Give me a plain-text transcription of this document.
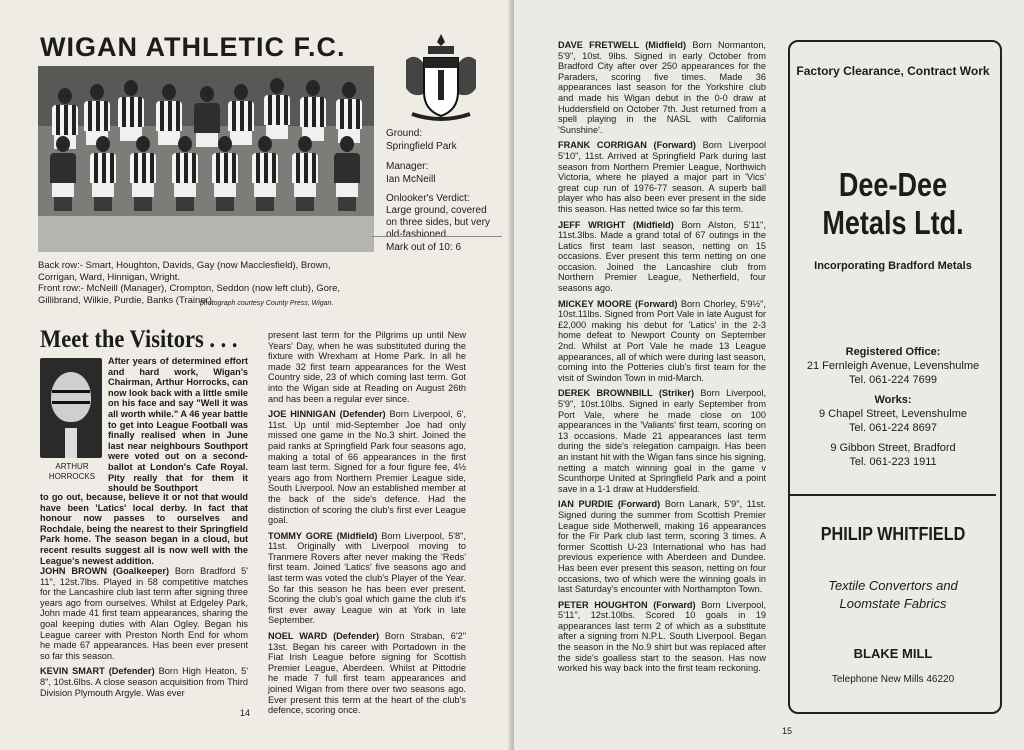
WIGAN ATHLETIC F.C.
Ground:
Springfield Park
Manager:
Ian McNeill
Onlooker's Verdict:
Large ground, covered on three sides, but very old-fashioned.
Mark out of 10: 6
Back row:- Smart, Houghton, Davids, Gay (now Macclesfield), Brown, Corrigan, Ward, Hinnigan, Wright.
Front row:- McNeill (Manager), Crompton, Seddon (now left club), Gore, Gillibrand, Wilkie, Purdie, Banks (Trainer)
photograph courtesy County Press, Wigan.
Meet the Visitors . . .
ARTHUR HORROCKS
After years of determined effort and hard work, Wigan's Chairman, Arthur Horrocks, can now look back with a little smile on his face and say "Well it was all worth while." A 46 year battle to get into League Football was finally realised when in June last near neighbours Southport were voted out on a second-ballot at London's Cafe Royal. Pity really that for them it should be Southport
to go out, because, believe it or not that would have been 'Latics' local derby. In fact that honour now passes to ourselves and Rochdale, being the nearest to their Springfield Park home. The season began in a cloud, but recent results suggest all is now well with the League's newest addition.

JOHN BROWN (Goalkeeper) Born Bradford 5' 11", 12st.7lbs. Played in 58 competitive matches for the Lancashire club last term after signing three years ago from ourselves. Whilst at Edgeley Park, John made 41 first team appearances, sharing the goal keeping duties with Alan Ogley. Began his League career with Preston North End for whom he made 67 appearances. Has been ever present so far this season.

KEVIN SMART (Defender) Born High Heaton, 5' 8", 10st.6lbs. A close season acquisition from Third Division Plymouth Argyle. Was ever

present last term for the Pilgrims up until New Years' Day, when he was substituted during the fixture with Wrexham at Home Park. In all he made 32 first team appearances for the West Country side, 23 of which coming last term. Got into the Wigan side at Reading on August 26th and has been a regular ever since.

JOE HINNIGAN (Defender) Born Liverpool, 6', 11st. Up until mid-September Joe had only missed one game in the No.3 shirt. Joined the paid ranks at Springfield Park four seasons ago, making a total of 66 appearances in the first team last term. Signed for a four figure fee, 4½ years ago from Northern Premier League side, South Liverpool. Now an established member at the back of the side's defence. Had the distinction of scoring the club's first ever League goal.

TOMMY GORE (Midfield) Born Liverpool, 5'8", 11st. Originally with Liverpool moving to Tranmere Rovers after never making the 'Reds' first team. Joined 'Latics' five seasons ago and last term was voted the club's Player of the Year. So far this season he has been ever present. Scoring the club's goal which game the club it's first ever away League win at York in late September.

NOEL WARD (Defender) Born Straban, 6'2" 13st. Began his career with Portadown in the Fiat Irish League before signing for Scottish Premier League, Aberdeen. Whilst at Pittodrie he made 7 full first team appearances and joined Wigan from there over two seasons ago. Ever present this term at the heart of the club's defence, scoring once.

14

DAVE FRETWELL (Midfield) Born Normanton, 5'9", 10st. 9lbs. Signed in early October from Bradford City after over 250 appearances for the Paraders, scoring five times. Made 36 appearances last season for the Yorkshire club and made his Wigan debut in the 0-0 draw at Huddersfield on October 7th. Just returned from a spell playing in the NASL with California 'Sunshine'.

FRANK CORRIGAN (Forward) Born Liverpool 5'10", 11st. Arrived at Springfield Park during last season from Northern Premier League, Northwich Victoria, where he played a major part in 'Vics' great cup run of 1976-77 season. A superb ball player who has also been ever present in the side this season. Has netted twice so far this term.

JEFF WRIGHT (Midfield) Born Alston, 5'11", 11st.3lbs. Made a grand total of 67 outings in the Latics first team last season, netting on 15 occasions. Ever present this term netting on one occasion. Joined the Lancashire club from Northern Premier League, Netherfield, four seasons ago.

MICKEY MOORE (Forward) Born Chorley, 5'9½", 10st.11lbs. Signed from Port Vale in late August for £2,000 making his debut for 'Latics' in the 2-3 home defeat to Newport County on September 2nd. Whilst at Port Vale he made 13 League appearances, all of which were during last season, coming into the Potteries club's first team for the visit of Swindon Town in mid-March.

DEREK BROWNBILL (Striker) Born Liverpool, 5'9", 10st.10lbs. Signed in early September from Port Vale, where he made close on 100 appearances in the 'Valiants' first team, scoring on 13 occasions. Made 21 appearances last term during the side's relegation campaign. Has been an instant hit with the Wigan fans since his signing, netting a match winning goal in the game v Scunthorpe United at Springfield Park and a point save in a 1-1 draw at Huddersfield.

IAN PURDIE (Forward) Born Lanark, 5'9", 11st. Signed during the summer from Scottish Premier League side Motherwell, making 16 appearances for the Fir Park club last term, scoring 3 times. A former Scottish U-23 International who has had previous experience with Aberdeen and Dundee. Has been ever present this season, netting on four occasions, two of which were the winning goals in last Saturday's encounter with Northampton Town.

PETER HOUGHTON (Forward) Born Liverpool, 5'11", 12st.10lbs. Scored 10 goals in 19 appearances last term 2 of which as a substitute after a signing from N.P.L. South Liverpool. Began the season in the No.9 shirt but was replaced after the side's goalless start to the season. Has now worked his way back into the first team reckoning.

15
Factory Clearance, Contract Work
Dee-Dee
Metals Ltd.
Incorporating Bradford Metals
Registered Office:
21 Fernleigh Avenue, Levenshulme
Tel. 061-224 7699
Works:
9 Chapel Street, Levenshulme
Tel. 061-224 8697
9 Gibbon Street, Bradford
Tel. 061-223 1911
PHILIP WHITFIELD
Textile Convertors and
Loomstate Fabrics
BLAKE MILL
Telephone New Mills 46220
